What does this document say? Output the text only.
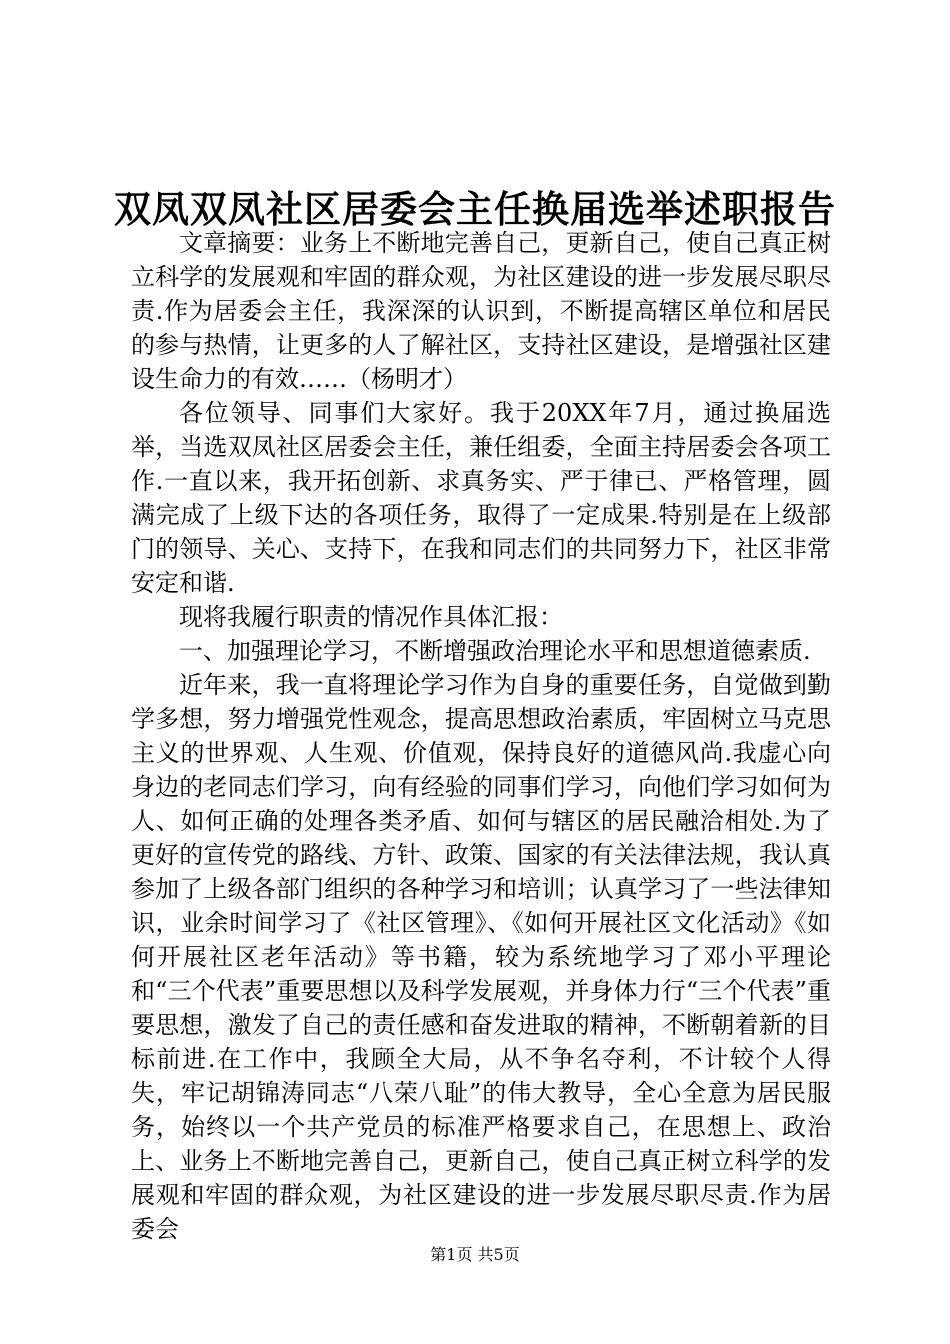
双凤双凤社区居委会主任换届选举述职报告

文章摘要：业务上不断地完善自己，更新自己，使自己真正树立科学的发展观和牢固的群众观，为社区建设的进一步发展尽职尽责.作为居委会主任，我深深的认识到，不断提高辖区单位和居民的参与热情，让更多的人了解社区，支持社区建设，是增强社区建设生命力的有效……（杨明才）

各位领导、同事们大家好。我于20XX年7月，通过换届选举，当选双凤社区居委会主任，兼任组委，全面主持居委会各项工作.一直以来，我开拓创新、求真务实、严于律已、严格管理，圆满完成了上级下达的各项任务，取得了一定成果.特别是在上级部门的领导、关心、支持下，在我和同志们的共同努力下，社区非常安定和谐.

现将我履行职责的情况作具体汇报：

一、加强理论学习，不断增强政治理论水平和思想道德素质.

近年来，我一直将理论学习作为自身的重要任务，自觉做到勤学多想，努力增强党性观念，提高思想政治素质，牢固树立马克思主义的世界观、人生观、价值观，保持良好的道德风尚.我虚心向身边的老同志们学习，向有经验的同事们学习，向他们学习如何为人、如何正确的处理各类矛盾、如何与辖区的居民融洽相处.为了更好的宣传党的路线、方针、政策、国家的有关法律法规，我认真参加了上级各部门组织的各种学习和培训；认真学习了一些法律知识，业余时间学习了《社区管理》、《如何开展社区文化活动》《如何开展社区老年活动》等书籍，较为系统地学习了邓小平理论和“三个代表”重要思想以及科学发展观，并身体力行“三个代表”重要思想，激发了自己的责任感和奋发进取的精神，不断朝着新的目标前进.在工作中，我顾全大局，从不争名夺利，不计较个人得失，牢记胡锦涛同志“八荣八耻”的伟大教导，全心全意为居民服务，始终以一个共产党员的标准严格要求自己，在思想上、政治上、业务上不断地完善自己，更新自己，使自己真正树立科学的发展观和牢固的群众观，为社区建设的进一步发展尽职尽责.作为居委会

第1页 共5页
